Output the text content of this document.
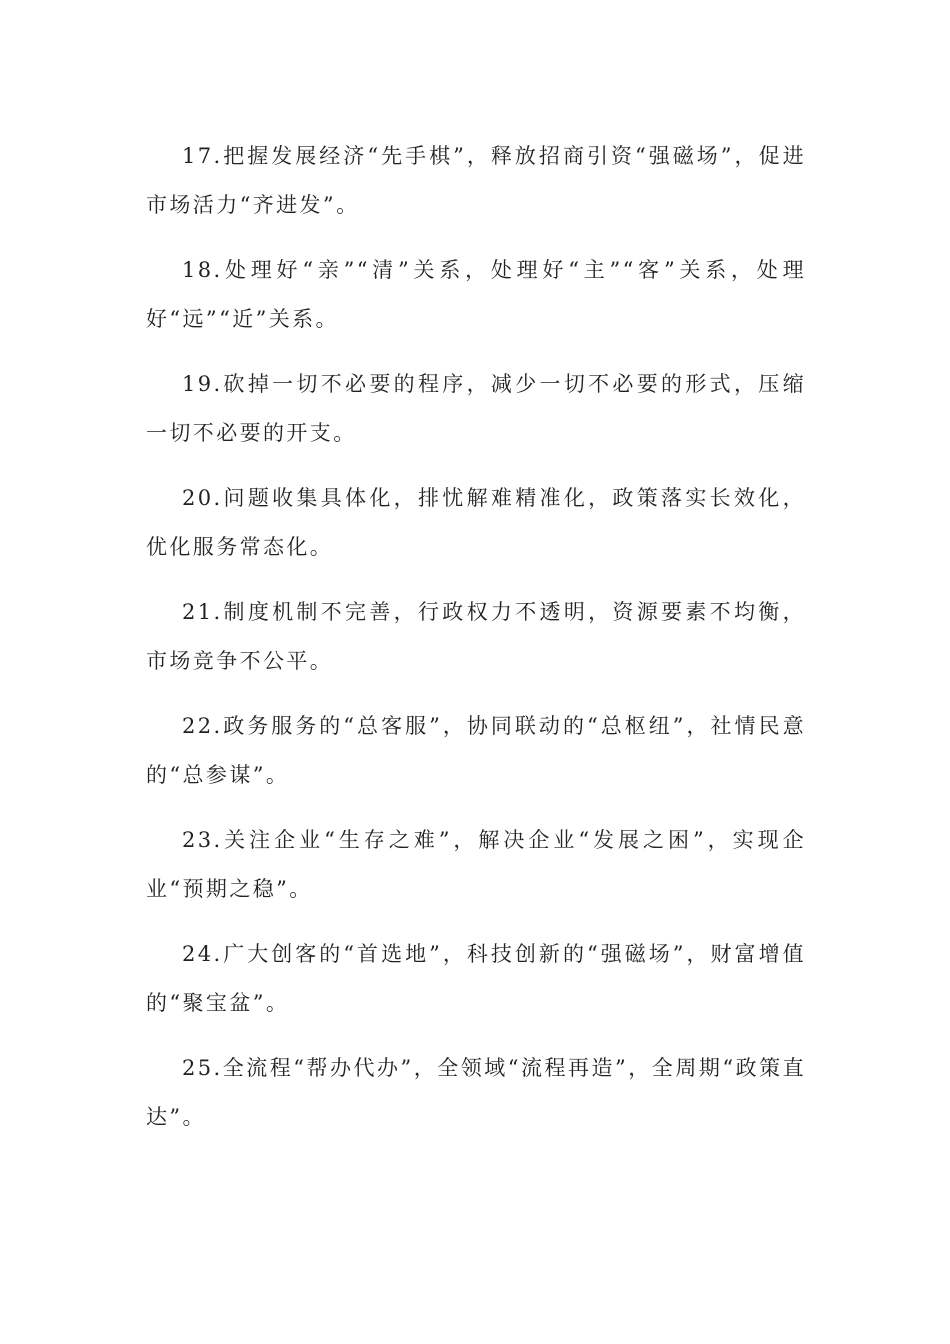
17.把握发展经济“先手棋”，释放招商引资“强磁场”，促进市场活力“齐进发”。

18.处理好“亲”“清”关系，处理好“主”“客”关系，处理好“远”“近”关系。

19.砍掉一切不必要的程序，减少一切不必要的形式，压缩一切不必要的开支。

20.问题收集具体化，排忧解难精准化，政策落实长效化，优化服务常态化。

21.制度机制不完善，行政权力不透明，资源要素不均衡，市场竞争不公平。

22.政务服务的“总客服”，协同联动的“总枢纽”，社情民意的“总参谋”。

23.关注企业“生存之难”，解决企业“发展之困”，实现企业“预期之稳”。

24.广大创客的“首选地”，科技创新的“强磁场”，财富增值的“聚宝盆”。

25.全流程“帮办代办”，全领域“流程再造”，全周期“政策直达”。
